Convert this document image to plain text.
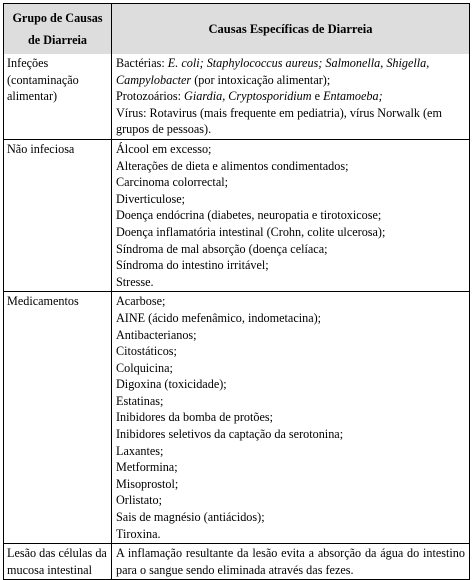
Grupo de Causas de Diarreia
Causas Específicas de Diarreia
Infeções (contaminação alimentar)
Bactérias: E. coli; Staphylococcus aureus; Salmonella, Shigella, Campylobacter (por intoxicação alimentar);
Protozoários: Giardia, Cryptosporidium e Entamoeba;
Vírus: Rotavirus (mais frequente em pediatria), vírus Norwalk (em grupos de pessoas).
Não infeciosa	Álcool em excesso;
Alterações de dieta e alimentos condimentados;
Carcinoma colorrectal;
Diverticulose;
Doença endócrina (diabetes, neuropatia e tirotoxicose;
Doença inflamatória intestinal (Crohn, colite ulcerosa);
Síndroma de mal absorção (doença celíaca;
Síndroma do intestino irritável;
Stresse.
Medicamentos	Acarbose;
AINE (ácido mefenâmico, indometacina);
Antibacterianos;
Citostáticos;
Colquicina;
Digoxina (toxicidade);
Estatinas;
Inibidores da bomba de protões;
Inibidores seletivos da captação da serotonina;
Laxantes;
Metformina;
Misoprostol;
Orlistato;
Sais de magnésio (antiácidos);
Tiroxina.
Lesão das células da mucosa intestinal
A inflamação resultante da lesão evita a absorção da água do intestino para o sangue sendo eliminada através das fezes.
